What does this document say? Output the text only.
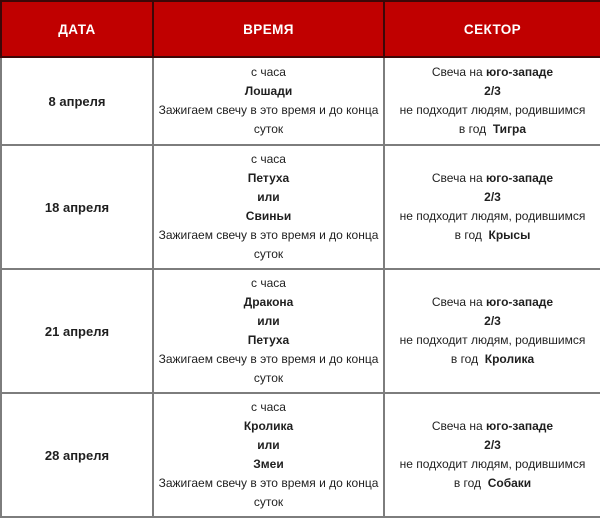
ДАТА	ВРЕМЯ	СЕКТОР
8 апреля	с часа
Лошади
Зажигаем свечу в это время и до конца суток	Свеча на юго-западе
2/3
не подходит людям, родившимся
в год Тигра

18 апреля	с часа
Петуха
или
Свиньи
Зажигаем свечу в это время и до конца суток	Свеча на юго-западе
2/3
не подходит людям, родившимся
в год Крысы

21 апреля	с часа
Дракона
или
Петуха
Зажигаем свечу в это время и до конца суток	Свеча на юго-западе
2/3
не подходит людям, родившимся
в год Кролика

28 апреля	с часа
Кролика
или
Змеи
Зажигаем свечу в это время и до конца суток	Свеча на юго-западе
2/3
не подходит людям, родившимся
в год Собаки
